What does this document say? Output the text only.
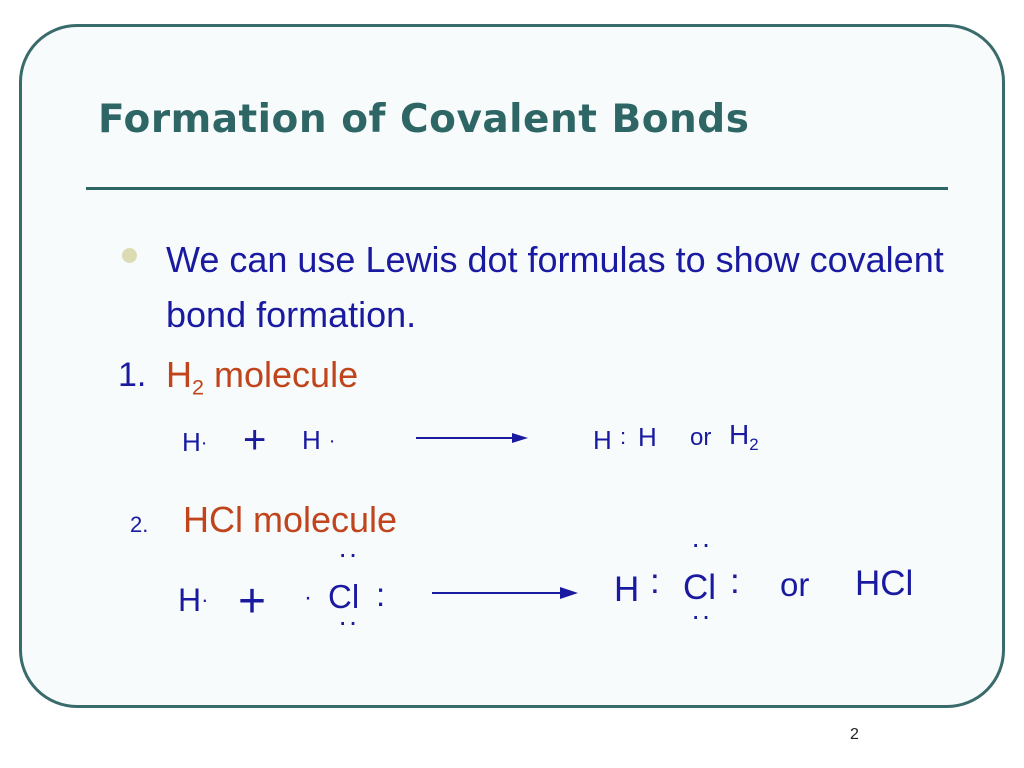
Formation of Covalent Bonds
We can use Lewis dot formulas to show covalent bond formation.
1. $H_2$ molecule
H· + H ·	H : H or $H_2$
2. HCl molecule
H· + ·
··
Cl :
··
H :
··
Cl :
··
or HCl
2
